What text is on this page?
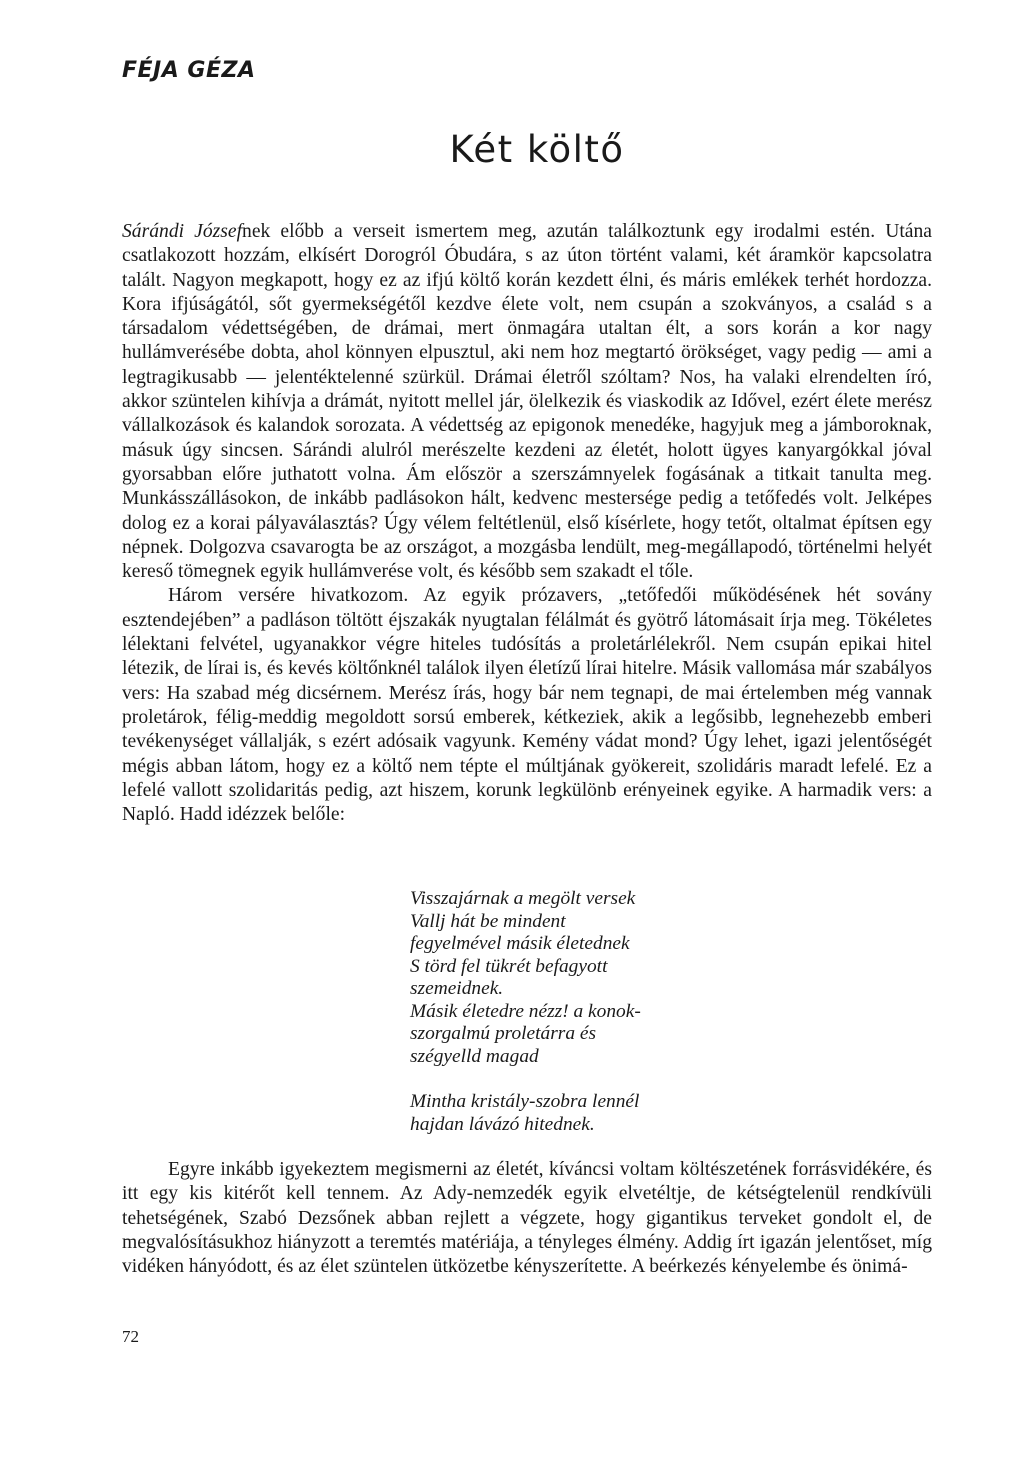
FÉJA GÉZA
Két költő

Sárándi Józsefnek előbb a verseit ismertem meg, azután találkoztunk egy irodalmi estén. Utána csatlakozott hozzám, elkísért Dorogról Óbudára, s az úton történt valami, két áramkör kapcsolatra talált. Nagyon megkapott, hogy ez az ifjú költő korán kezdett élni, és máris emlékek terhét hordozza. Kora ifjúságától, sőt gyermekségétől kezdve élete volt, nem csupán a szokványos, a család s a társadalom védettségében, de drámai, mert önmagára utaltan élt, a sors korán a kor nagy hullámverésébe dobta, ahol könnyen elpusztul, aki nem hoz megtartó örökséget, vagy pedig — ami a legtragikusabb — jelentéktelenné szürkül. Drámai életről szóltam? Nos, ha valaki elrendelten író, akkor szüntelen kihívja a drámát, nyitott mellel jár, ölelkezik és viaskodik az Idővel, ezért élete merész vállalkozások és kalandok sorozata. A védettség az epigonok menedéke, hagyjuk meg a jámboroknak, másuk úgy sincsen. Sárándi alulról merészelte kezdeni az életét, holott ügyes kanyargókkal jóval gyorsabban előre juthatott volna. Ám először a szerszámnyelek fogásának a titkait tanulta meg. Munkásszállásokon, de inkább padlásokon hált, kedvenc mestersége pedig a tetőfedés volt. Jelképes dolog ez a korai pályaválasztás? Úgy vélem feltétlenül, első kísérlete, hogy tetőt, oltalmat építsen egy népnek. Dolgozva csavarogta be az országot, a mozgásba lendült, meg-megállapodó, történelmi helyét kereső tömegnek egyik hullámverése volt, és később sem szakadt el tőle.

Három versére hivatkozom. Az egyik prózavers, „tetőfedői működésének hét sovány esztendejében” a padláson töltött éjszakák nyugtalan félálmát és gyötrő látomásait írja meg. Tökéletes lélektani felvétel, ugyanakkor végre hiteles tudósítás a proletárlélekről. Nem csupán epikai hitel létezik, de lírai is, és kevés költőnknél találok ilyen életízű lírai hitelre. Másik vallomása már szabályos vers: Ha szabad még dicsérnem. Merész írás, hogy bár nem tegnapi, de mai értelemben még vannak proletárok, félig-meddig megoldott sorsú emberek, kétkeziek, akik a legősibb, legnehezebb emberi tevékenységet vállalják, s ezért adósaik vagyunk. Kemény vádat mond? Úgy lehet, igazi jelentőségét mégis abban látom, hogy ez a költő nem tépte el múltjának gyökereit, szolidáris maradt lefelé. Ez a lefelé vallott szolidaritás pedig, azt hiszem, korunk legkülönb erényeinek egyike. A harmadik vers: a Napló. Hadd idézzek belőle:

Visszajárnak a megölt versek
Vallj hát be mindent
fegyelmével másik életednek
S törd fel tükrét befagyott
szemeidnek.
Másik életedre nézz! a konok-
szorgalmú proletárra és
szégyelld magad
Mintha kristály-szobra lennél
hajdan lávázó hitednek.

Egyre inkább igyekeztem megismerni az életét, kíváncsi voltam költészetének forrásvidékére, és itt egy kis kitérőt kell tennem. Az Ady-nemzedék egyik elvetéltje, de kétségtelenül rendkívüli tehetségének, Szabó Dezsőnek abban rejlett a végzete, hogy gigantikus terveket gondolt el, de megvalósításukhoz hiányzott a teremtés matériája, a tényleges élmény. Addig írt igazán jelentőset, míg vidéken hányódott, és az élet szüntelen ütközetbe kényszerítette. A beérkezés kényelembe és önimá-

72
